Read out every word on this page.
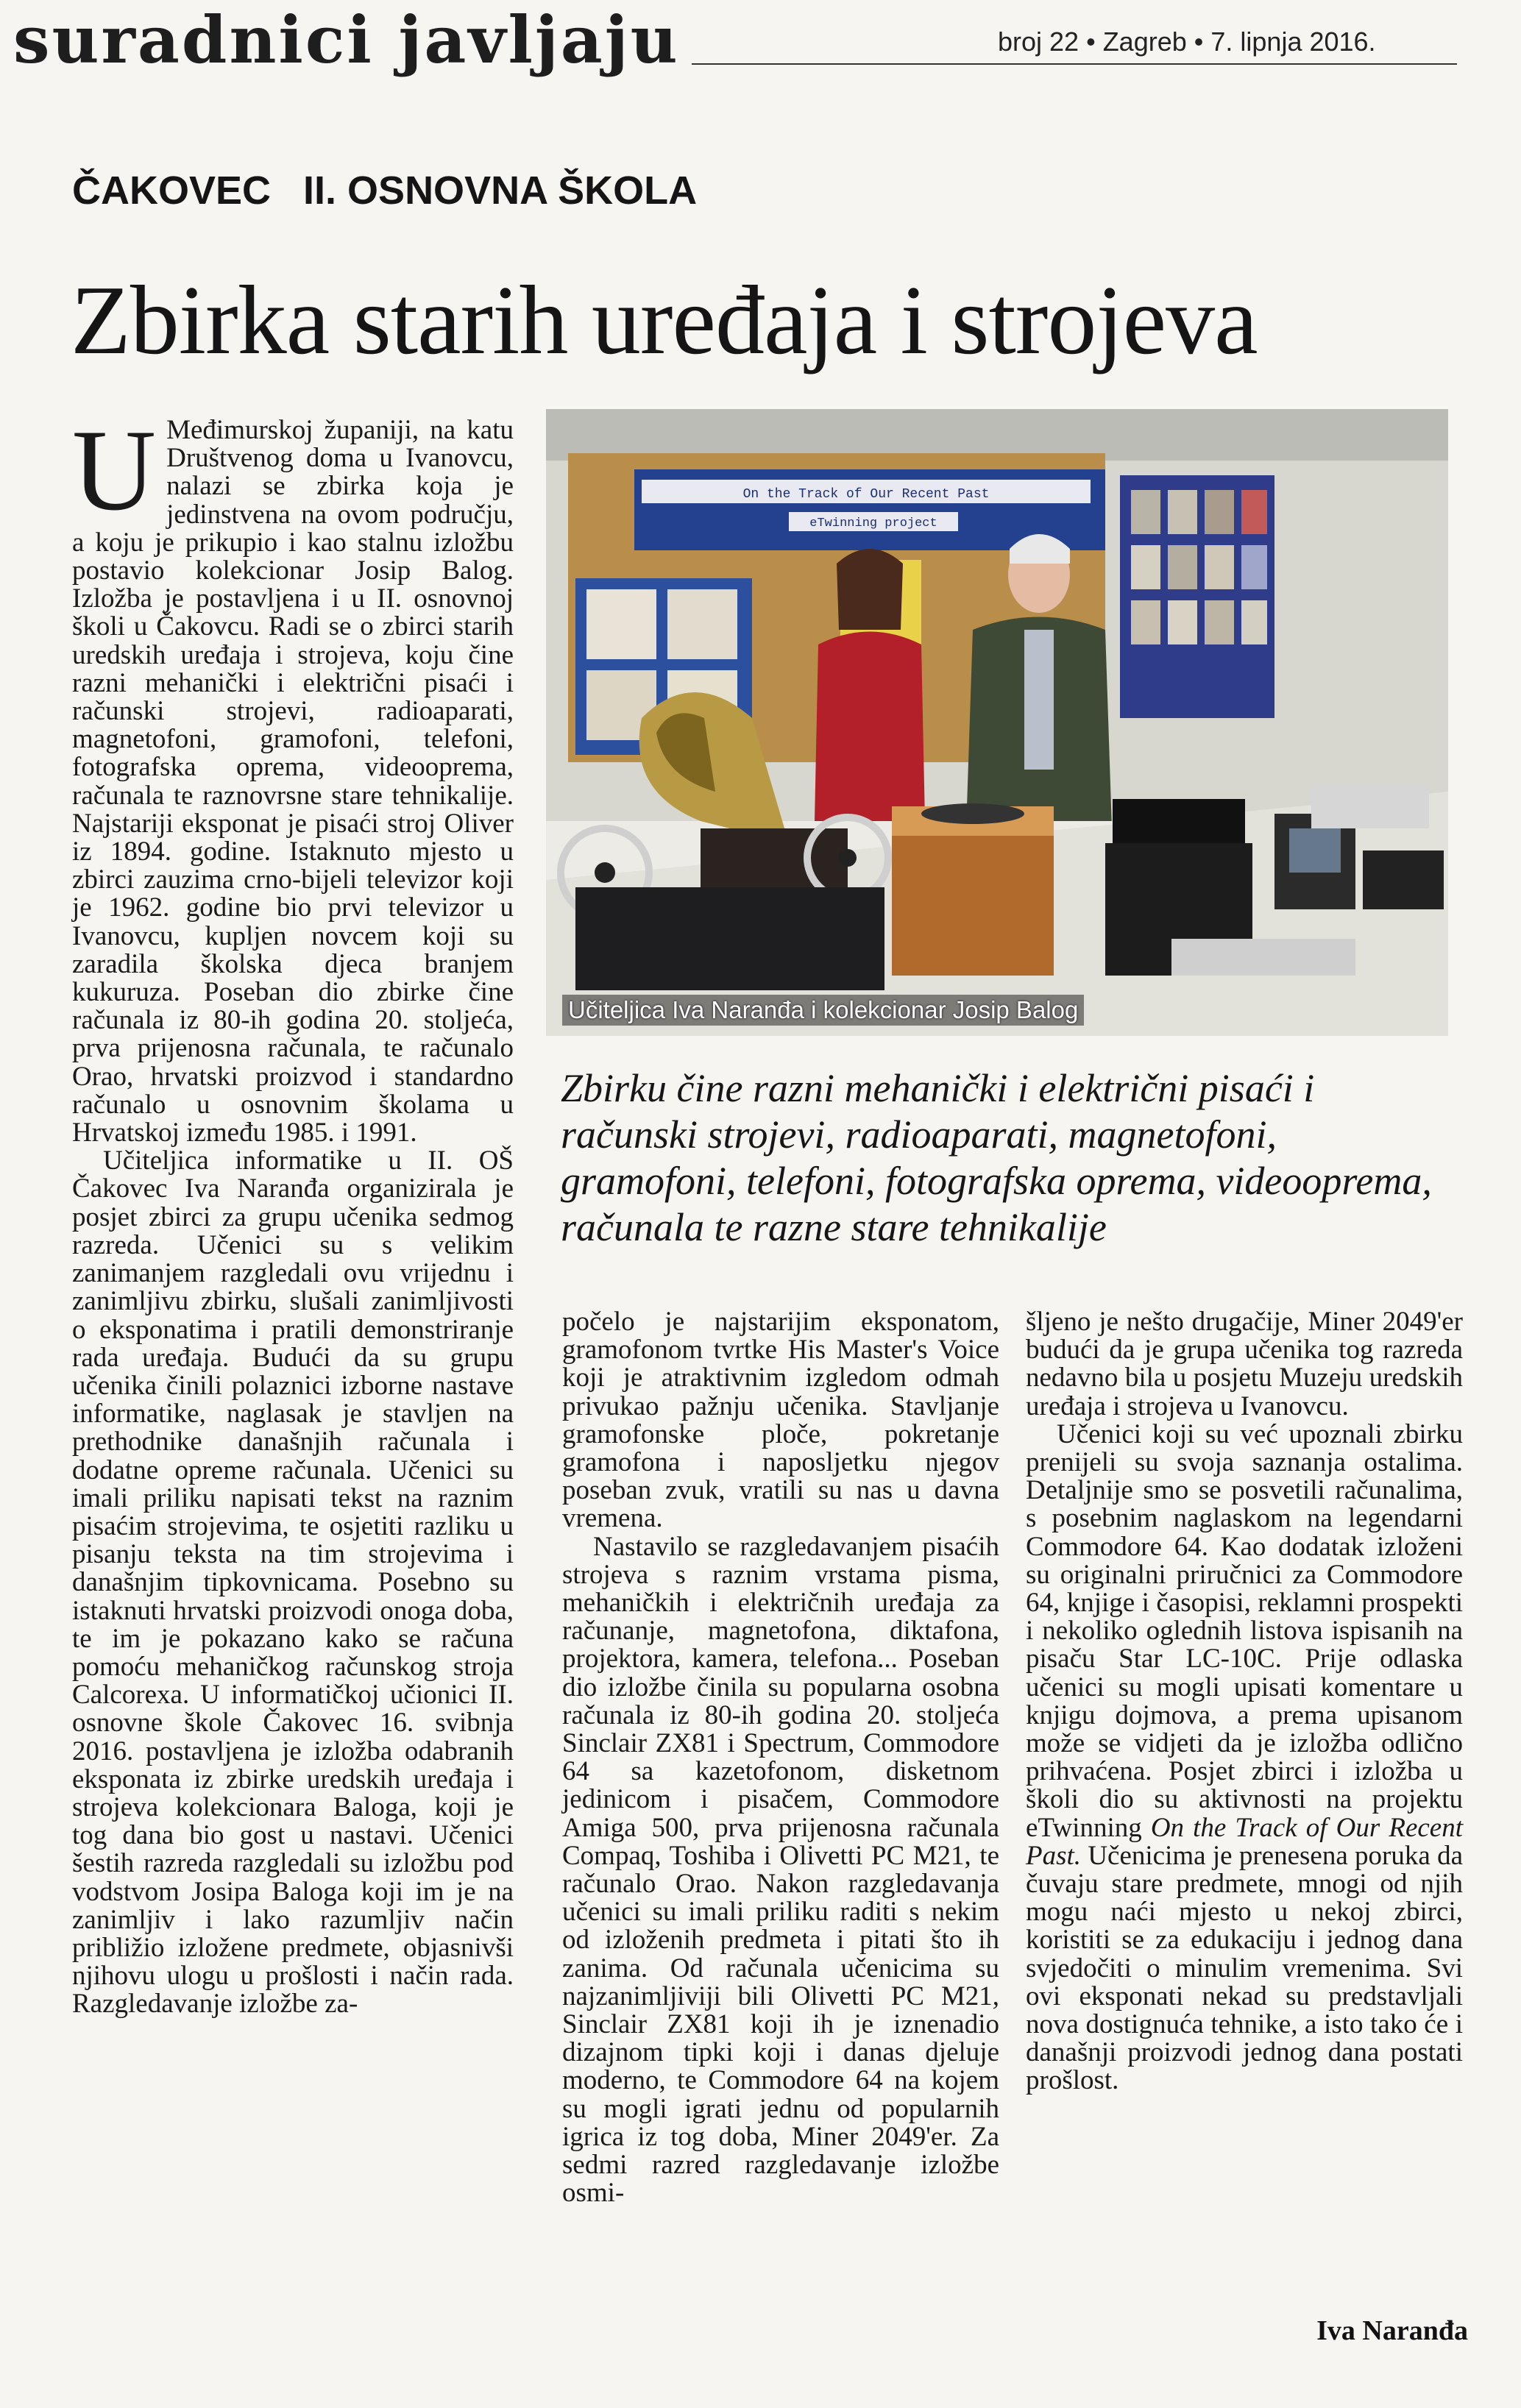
suradnici javljaju	broj 22 • Zagreb • 7. lipnja 2016.
ČAKOVEC II. OSNOVNA ŠKOLA
Zbirka starih uređaja i strojeva

U Međimurskoj županiji, na katu Društvenog doma u Ivanovcu, nalazi se zbirka koja je jedinstvena na ovom području, a koju je prikupio i kao stalnu izložbu postavio kolekcionar Josip Balog. Izložba je postavljena i u II. osnovnoj školi u Čakovcu. Radi se o zbirci starih uredskih uređaja i strojeva, koju čine razni mehanički i električni pisaći i računski strojevi, radioaparati, magnetofoni, gramofoni, telefoni, fotografska oprema, videooprema, računala te raznovrsne stare tehnikalije. Najstariji eksponat je pisaći stroj Oliver iz 1894. godine. Istaknuto mjesto u zbirci zauzima crno-bijeli televizor koji je 1962. godine bio prvi televizor u Ivanovcu, kupljen novcem koji su zaradila školska djeca branjem kukuruza. Poseban dio zbirke čine računala iz 80-ih godina 20. stoljeća, prva prijenosna računala, te računalo Orao, hrvatski proizvod i standardno računalo u osnovnim školama u Hrvatskoj između 1985. i 1991.

Učiteljica informatike u II. OŠ Čakovec Iva Naranđa organizirala je posjet zbirci za grupu učenika sedmog razreda. Učenici su s velikim zanimanjem razgledali ovu vrijednu i zanimljivu zbirku, slušali zanimljivosti o eksponatima i pratili demonstriranje rada uređaja. Budući da su grupu učenika činili polaznici izborne nastave informatike, naglasak je stavljen na prethodnike današnjih računala i dodatne opreme računala. Učenici su imali priliku napisati tekst na raznim pisaćim strojevima, te osjetiti razliku u pisanju teksta na tim strojevima i današnjim tipkovnicama. Posebno su istaknuti hrvatski proizvodi onoga doba, te im je pokazano kako se računa pomoću mehaničkog računskog stroja Calcorexa. U informatičkoj učionici II. osnovne škole Čakovec 16. svibnja 2016. postavljena je izložba odabranih eksponata iz zbirke uredskih uređaja i strojeva kolekcionara Baloga, koji je tog dana bio gost u nastavi. Učenici šestih razreda razgledali su izložbu pod vodstvom Josipa Baloga koji im je na zanimljiv i lako razumljiv način približio izložene predmete, objasnivši njihovu ulogu u prošlosti i način rada. Razgledavanje izložbe za-

On the Track of Our Recent Past
eTwinning project
Učiteljica Iva Naranđa i kolekcionar Josip Balog
Zbirku čine razni mehanički i električni pisaći i računski strojevi, radioaparati, magnetofoni, gramofoni, telefoni, fotografska oprema, videooprema, računala te razne stare tehnikalije

počelo je najstarijim eksponatom, gramofonom tvrtke His Master's Voice koji je atraktivnim izgledom odmah privukao pažnju učenika. Stavljanje gramofonske ploče, pokretanje gramofona i naposljetku njegov poseban zvuk, vratili su nas u davna vremena.

Nastavilo se razgledavanjem pisaćih strojeva s raznim vrstama pisma, mehaničkih i električnih uređaja za računanje, magnetofona, diktafona, projektora, kamera, telefona... Poseban dio izložbe činila su popularna osobna računala iz 80-ih godina 20. stoljeća Sinclair ZX81 i Spectrum, Commodore 64 sa kazetofonom, disketnom jedinicom i pisačem, Commodore Amiga 500, prva prijenosna računala Compaq, Toshiba i Olivetti PC M21, te računalo Orao. Nakon razgledavanja učenici su imali priliku raditi s nekim od izloženih predmeta i pitati što ih zanima. Od računala učenicima su najzanimljiviji bili Olivetti PC M21, Sinclair ZX81 koji ih je iznenadio dizajnom tipki koji i danas djeluje moderno, te Commodore 64 na kojem su mogli igrati jednu od popularnih igrica iz tog doba, Miner 2049'er. Za sedmi razred razgledavanje izložbe osmi-

šljeno je nešto drugačije, Miner 2049'er budući da je grupa učenika tog razreda nedavno bila u posjetu Muzeju uredskih uređaja i strojeva u Ivanovcu.

Učenici koji su već upoznali zbirku prenijeli su svoja saznanja ostalima. Detaljnije smo se posvetili računalima, s posebnim naglaskom na legendarni Commodore 64. Kao dodatak izloženi su originalni priručnici za Commodore 64, knjige i časopisi, reklamni prospekti i nekoliko oglednih listova ispisanih na pisaču Star LC-10C. Prije odlaska učenici su mogli upisati komentare u knjigu dojmova, a prema upisanom može se vidjeti da je izložba odlično prihvaćena. Posjet zbirci i izložba u školi dio su aktivnosti na projektu eTwinning On the Track of Our Recent Past. Učenicima je prenesena poruka da čuvaju stare predmete, mnogi od njih mogu naći mjesto u nekoj zbirci, koristiti se za edukaciju i jednog dana svjedočiti o minulim vremenima. Svi ovi eksponati nekad su predstavljali nova dostignuća tehnike, a isto tako će i današnji proizvodi jednog dana postati prošlost.

Iva Naranđa
